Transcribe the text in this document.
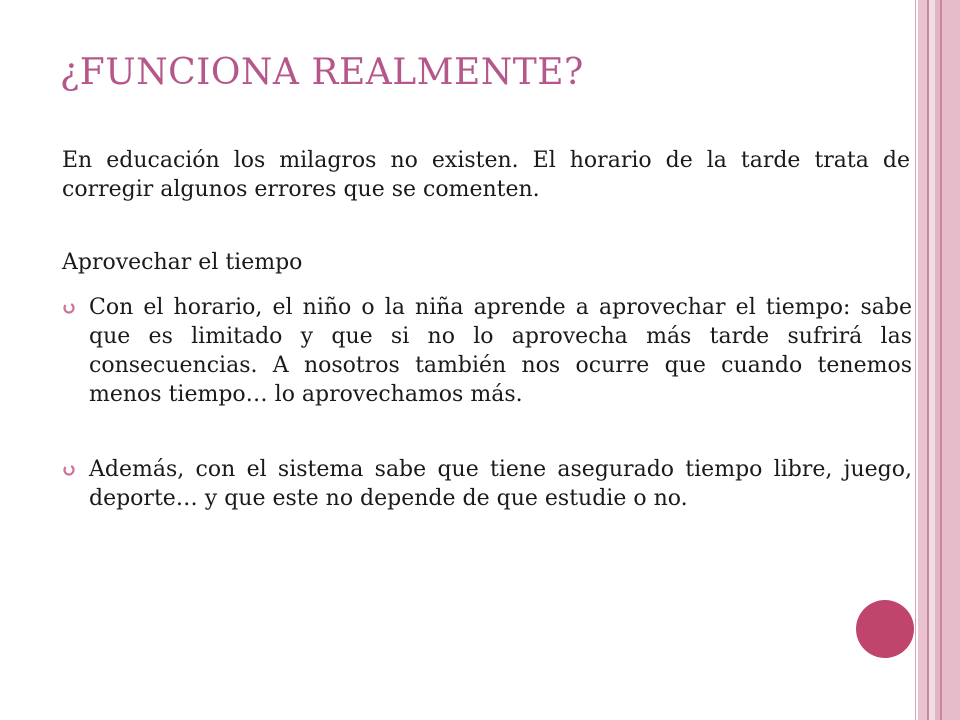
¿FUNCIONA REALMENTE?

En educación los milagros no existen. El horario de la tarde trata de corregir algunos errores que se comenten.

Aprovechar el tiempo

Con el horario, el niño o la niña aprende a aprovechar el tiempo: sabe que es limitado y que si no lo aprovecha más tarde sufrirá las consecuencias. A nosotros también nos ocurre que cuando tenemos menos tiempo… lo aprovechamos más.
Además, con el sistema sabe que tiene asegurado tiempo libre, juego, deporte… y que este no depende de que estudie o no.
